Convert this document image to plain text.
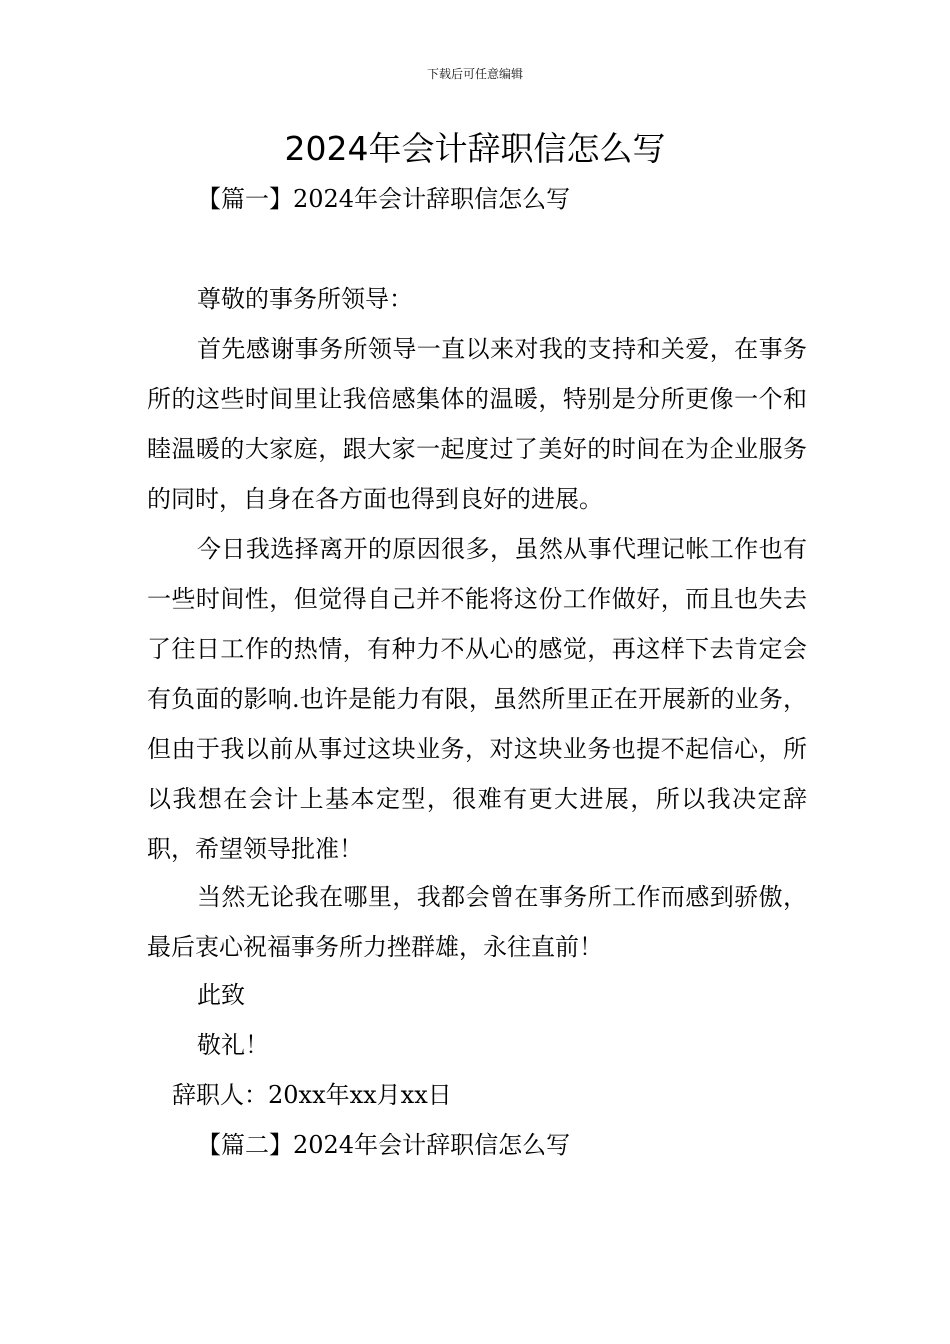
下载后可任意编辑
2024年会计辞职信怎么写
【篇一】2024年会计辞职信怎么写
尊敬的事务所领导：

首先感谢事务所领导一直以来对我的支持和关爱，在事务所的这些时间里让我倍感集体的温暖，特别是分所更像一个和睦温暖的大家庭，跟大家一起度过了美好的时间在为企业服务的同时，自身在各方面也得到良好的进展。

今日我选择离开的原因很多，虽然从事代理记帐工作也有一些时间性，但觉得自己并不能将这份工作做好，而且也失去了往日工作的热情，有种力不从心的感觉，再这样下去肯定会有负面的影响.也许是能力有限，虽然所里正在开展新的业务，但由于我以前从事过这块业务，对这块业务也提不起信心，所以我想在会计上基本定型，很难有更大进展，所以我决定辞职，希望领导批准！

当然无论我在哪里，我都会曾在事务所工作而感到骄傲，最后衷心祝福事务所力挫群雄，永往直前！

此致
敬礼！
辞职人：20xx年xx月xx日
【篇二】2024年会计辞职信怎么写
